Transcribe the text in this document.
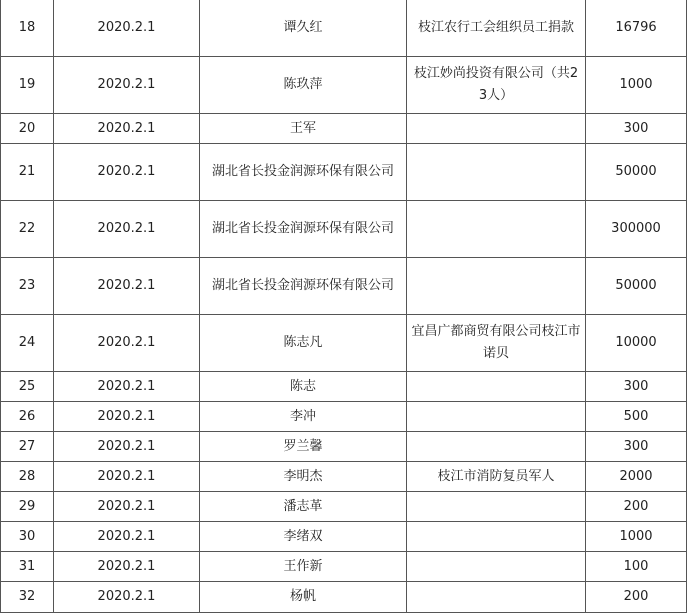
18	2020.2.1	谭久红	枝江农行工会组织员工捐款	16796
19	2020.2.1	陈玖萍	枝江妙尚投资有限公司（共23人）	1000
20	2020.2.1	王军		300
21	2020.2.1	湖北省长投金润源环保有限公司		50000
22	2020.2.1	湖北省长投金润源环保有限公司		300000
23	2020.2.1	湖北省长投金润源环保有限公司		50000
24	2020.2.1	陈志凡	宜昌广都商贸有限公司枝江市诺贝	10000
25	2020.2.1	陈志		300
26	2020.2.1	李冲		500
27	2020.2.1	罗兰馨		300
28	2020.2.1	李明杰	枝江市消防复员军人	2000
29	2020.2.1	潘志革		200
30	2020.2.1	李绪双		1000
31	2020.2.1	王作新		100
32	2020.2.1	杨帆		200
